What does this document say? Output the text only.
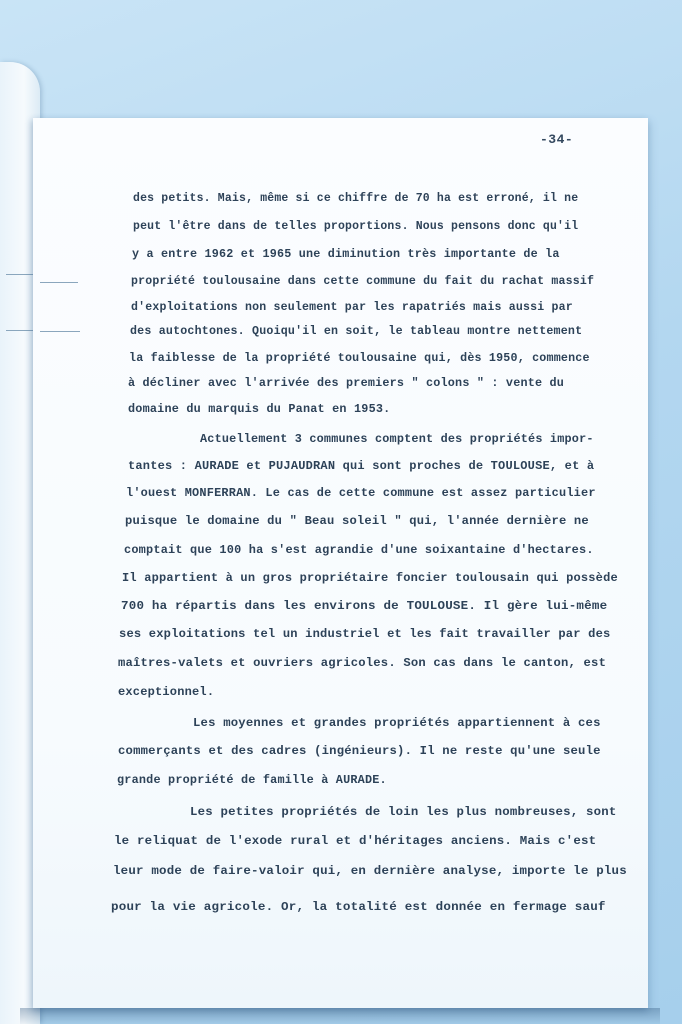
-34-
des petits. Mais, même si ce chiffre de 70 ha est erroné, il ne
peut l'être dans de telles proportions. Nous pensons donc qu'il
y a entre 1962 et 1965 une diminution très importante de la
propriété toulousaine dans cette commune du fait du rachat massif
d'exploitations non seulement par les rapatriés mais aussi par
des autochtones. Quoiqu'il en soit, le tableau montre nettement
la faiblesse de la propriété toulousaine qui, dès 1950, commence
à décliner avec l'arrivée des premiers " colons " : vente du
domaine du marquis du Panat en 1953.
Actuellement 3 communes comptent des propriétés impor-
tantes : AURADE et PUJAUDRAN qui sont proches de TOULOUSE, et à
l'ouest MONFERRAN. Le cas de cette commune est assez particulier
puisque le domaine du " Beau soleil " qui, l'année dernière ne
comptait que 100 ha s'est agrandie d'une soixantaine d'hectares.
Il appartient à un gros propriétaire foncier toulousain qui possède
700 ha répartis dans les environs de TOULOUSE. Il gère lui-même
ses exploitations tel un industriel et les fait travailler par des
maîtres-valets et ouvriers agricoles. Son cas dans le canton, est
exceptionnel.
Les moyennes et grandes propriétés appartiennent à ces
commerçants et des cadres (ingénieurs). Il ne reste qu'une seule
grande propriété de famille à AURADE.
Les petites propriétés de loin les plus nombreuses, sont
le reliquat de l'exode rural et d'héritages anciens. Mais c'est
leur mode de faire-valoir qui, en dernière analyse, importe le plus
pour la vie agricole. Or, la totalité est donnée en fermage sauf
